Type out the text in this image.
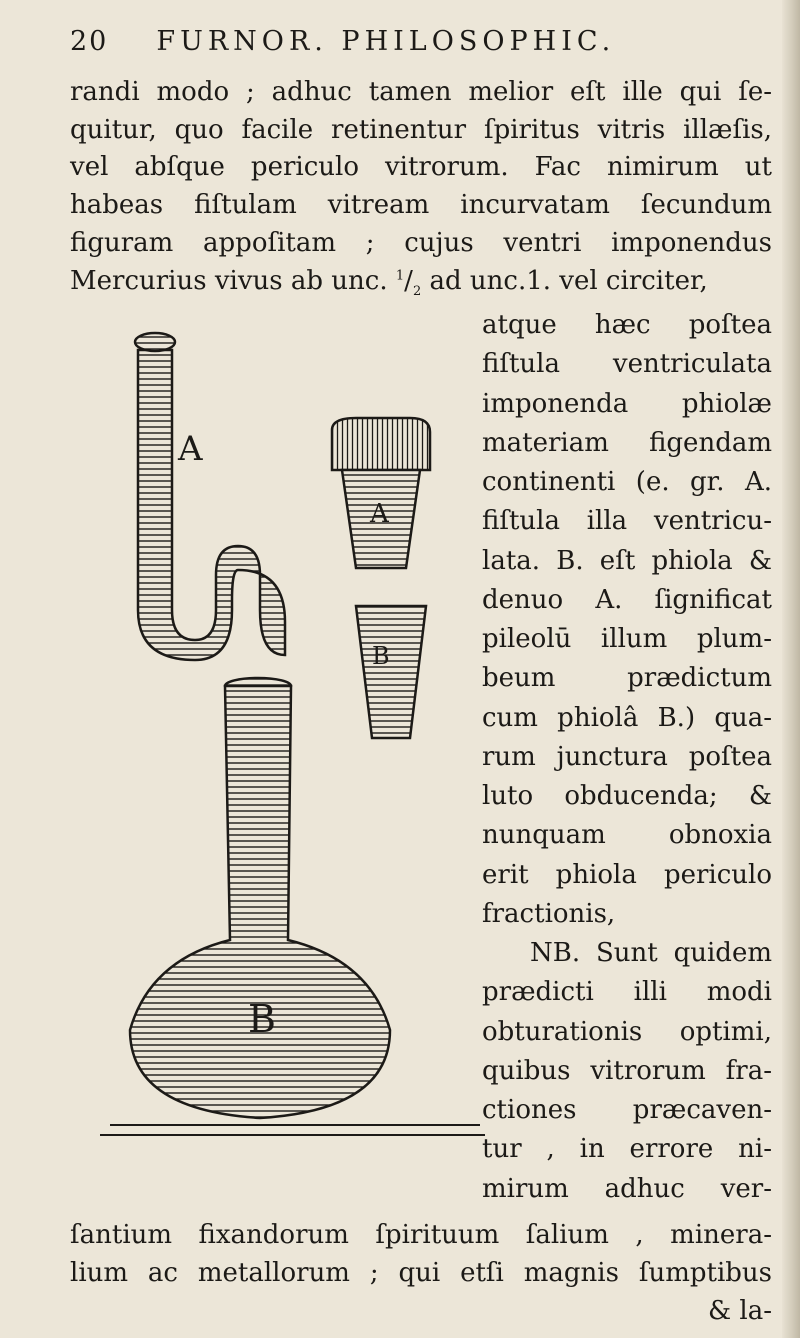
20 FURNOR. PHILOSOPHIC.
randi modo ; adhuc tamen melior eſt ille qui ſe-
quitur, quo facile retinentur ſpiritus vitris illæſis,
vel abſque periculo vitrorum. Fac nimirum ut
habeas fiſtulam vitream incurvatam ſecundum
figuram appoſitam ; cujus ventri imponendus
Mercurius vivus ab unc. $^1/_2$ ad unc.1. vel circiter,
atque hæc poſtea
fiſtula ventriculata
imponenda phiolæ
materiam figendam
continenti (e. gr. A.
fiſtula illa ventricu-
lata. B. eſt phiola &
denuo A. ſignificat
pileolū illum plum-
beum prædictum
cum phiolâ B.) qua-
rum junctura poſtea
luto obducenda; &
nunquam obnoxia
erit phiola periculo
fractionis,
NB. Sunt quidem
prædicti illi modi
obturationis optimi,
quibus vitrorum fra-
ctiones præcaven-
tur , in errore ni-
mirum adhuc ver-
ſantium fixandorum ſpirituum ſalium , minera-
lium ac metallorum ; qui etſi magnis ſumptibus
& la-
A
A
B
B
